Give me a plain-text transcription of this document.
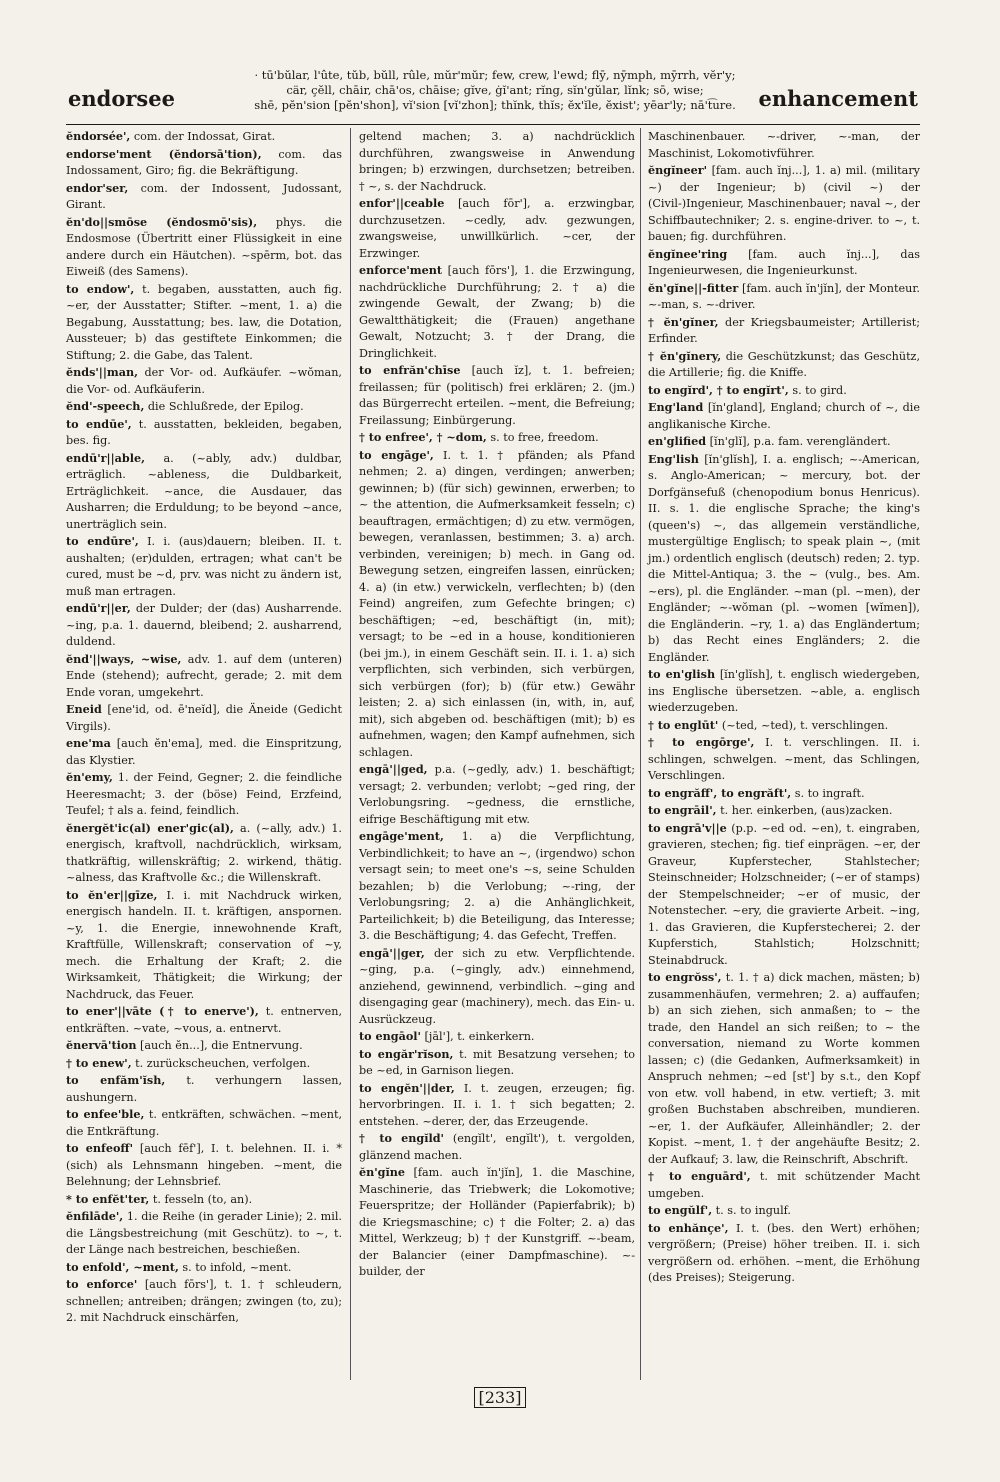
endorsee
· tū'bŭlar, l'ûte, tŭb, bŭll, rûle, mŭr'mŭr; few, crew, l'ewd; flȳ, nȳmph, mȳrrh, vĕr'y;
cär, çĕll, chāir, chā'os, chāise; gĭve, ġĭ'ant; rĭng, sĭn'gŭlar, lĭnk; sō, wise;
shē, pĕn'sion [pĕn'shon], vĭ'sion [vĭ'zhon]; thĭnk, thĭs; ĕx'ĭle, ĕxist'; yēar'ly; nā't͡ure.	enhancement

ĕndorsée', com. der Indossat, Girat.

endorse'ment (ĕndorsā'tion), com. das Indossament, Giro; fig. die Bekräftigung.

endor'ser, com. der Indossent, Judossant, Girant.

ĕn'do||smōse (ĕndosmō'sis), phys. die Endosmose (Übertritt einer Flüssigkeit in eine andere durch ein Häutchen). ~spērm, bot. das Eiweiß (des Samens).

to endow', t. begaben, ausstatten, auch fig. ~er, der Ausstatter; Stifter. ~ment, 1. a) die Begabung, Ausstattung; bes. law, die Dotation, Aussteuer; b) das gestiftete Einkommen; die Stiftung; 2. die Gabe, das Talent.

ĕnds'||man, der Vor- od. Aufkäufer. ~wŏman, die Vor- od. Aufkäuferin.

ĕnd'-speech, die Schlußrede, der Epilog.

to endūe', t. ausstatten, bekleiden, begaben, bes. fig.

endū'r||able, a. (~ably, adv.) duldbar, erträglich. ~ableness, die Duldbarkeit, Erträglichkeit. ~ance, die Ausdauer, das Ausharren; die Erduldung; to be beyond ~ance, unerträglich sein.

to endūre', I. i. (aus)dauern; bleiben. II. t. aushalten; (er)dulden, ertragen; what can't be cured, must be ~d, prv. was nicht zu ändern ist, muß man ertragen.

endū'r||er, der Dulder; der (das) Ausharrende. ~ing, p.a. 1. dauernd, bleibend; 2. ausharrend, duldend.

ĕnd'||ways, ~wise, adv. 1. auf dem (unteren) Ende (stehend); aufrecht, gerade; 2. mit dem Ende voran, umgekehrt.

Eneid [ene'id, od. ē'neĭd], die Äneide (Gedicht Virgils).

ene'ma [auch ĕn'ema], med. die Einspritzung, das Klystier.

ĕn'emy, 1. der Feind, Gegner; 2. die feindliche Heeresmacht; 3. der (böse) Feind, Erzfeind, Teufel; † als a. feind, feindlich.

ĕnergĕt'ic(al) ener'gic(al), a. (~ally, adv.) 1. energisch, kraftvoll, nachdrücklich, wirksam, thatkräftig, willenskräftig; 2. wirkend, thätig. ~alness, das Kraftvolle &c.; die Willenskraft.

to ĕn'er||gīze, I. i. mit Nachdruck wirken, energisch handeln. II. t. kräftigen, anspornen. ~y, 1. die Energie, innewohnende Kraft, Kraftfülle, Willenskraft; conservation of ~y, mech. die Erhaltung der Kraft; 2. die Wirksamkeit, Thätigkeit; die Wirkung; der Nachdruck, das Feuer.

to ener'||vāte († to enerve'), t. entnerven, entkräften. ~vate, ~vous, a. entnervt.

ĕnervā'tion [auch ĕn...], die Entnervung.

† to enew', t. zurückscheuchen, verfolgen.

to enfăm'ĭsh, t. verhungern lassen, aushungern.

to enfee'ble, t. entkräften, schwächen. ~ment, die Entkräftung.

to enfeoff' [auch fēf'], I. t. belehnen. II. i. * (sich) als Lehnsmann hingeben. ~ment, die Belehnung; der Lehnsbrief.

* to enfĕt'ter, t. fesseln (to, an).

ĕnfilāde', 1. die Reihe (in gerader Linie); 2. mil. die Längsbestreichung (mit Geschütz). to ~, t. der Länge nach bestreichen, beschießen.

to enfold', ~ment, s. to infold, ~ment.

to enforce' [auch fōrs'], t. 1. † schleudern, schnellen; antreiben; drängen; zwingen (to, zu); 2. mit Nachdruck einschärfen,

geltend machen; 3. a) nachdrücklich durchführen, zwangsweise in Anwendung bringen; b) erzwingen, durchsetzen; betreiben. † ~, s. der Nachdruck.

enfor'||ceable [auch fōr'], a. erzwingbar, durchzusetzen. ~cedly, adv. gezwungen, zwangsweise, unwillkürlich. ~cer, der Erzwinger.

enforce'ment [auch fōrs'], 1. die Erzwingung, nachdrückliche Durchführung; 2. † a) die zwingende Gewalt, der Zwang; b) die Gewaltthätigkeit; die (Frauen) angethane Gewalt, Notzucht; 3. † der Drang, die Dringlichkeit.

to enfrăn'chīse [auch ĭz], t. 1. befreien; freilassen; für (politisch) frei erklären; 2. (jm.) das Bürgerrecht erteilen. ~ment, die Befreiung; Freilassung; Einbürgerung.

† to enfree', † ~dom, s. to free, freedom.

to engāge', I. t. 1. † pfänden; als Pfand nehmen; 2. a) dingen, verdingen; anwerben; gewinnen; b) (für sich) gewinnen, erwerben; to ~ the attention, die Aufmerksamkeit fesseln; c) beauftragen, ermächtigen; d) zu etw. vermögen, bewegen, veranlassen, bestimmen; 3. a) arch. verbinden, vereinigen; b) mech. in Gang od. Bewegung setzen, eingreifen lassen, einrücken; 4. a) (in etw.) verwickeln, verflechten; b) (den Feind) angreifen, zum Gefechte bringen; c) beschäftigen; ~ed, beschäftigt (in, mit); versagt; to be ~ed in a house, konditionieren (bei jm.), in einem Geschäft sein. II. i. 1. a) sich verpflichten, sich verbinden, sich verbürgen, sich verbürgen (for); b) (für etw.) Gewähr leisten; 2. a) sich einlassen (in, with, in, auf, mit), sich abgeben od. beschäftigen (mit); b) es aufnehmen, wagen; den Kampf aufnehmen, sich schlagen.

engā'||ged, p.a. (~gedly, adv.) 1. beschäftigt; versagt; 2. verbunden; verlobt; ~ged ring, der Verlobungsring. ~gedness, die ernstliche, eifrige Beschäftigung mit etw.

engāge'ment, 1. a) die Verpflichtung, Verbindlichkeit; to have an ~, (irgendwo) schon versagt sein; to meet one's ~s, seine Schulden bezahlen; b) die Verlobung; ~-ring, der Verlobungsring; 2. a) die Anhänglichkeit, Parteilichkeit; b) die Beteiligung, das Interesse; 3. die Beschäftigung; 4. das Gefecht, Treffen.

engā'||ger, der sich zu etw. Verpflichtende. ~ging, p.a. (~gingly, adv.) einnehmend, anziehend, gewinnend, verbindlich. ~ging and disengaging gear (machinery), mech. das Ein- u. Ausrückzeug.

to engāol' [jāl'], t. einkerkern.

to engăr'rĭson, t. mit Besatzung versehen; to be ~ed, in Garnison liegen.

to engĕn'||der, I. t. zeugen, erzeugen; fig. hervorbringen. II. i. 1. † sich begatten; 2. entstehen. ~derer, der, das Erzeugende.

† to engĭld' (engĭlt', engĭlt'), t. vergolden, glänzend machen.

ĕn'gĭne [fam. auch ĭn'jĭn], 1. die Maschine, Maschinerie, das Triebwerk; die Lokomotive; Feuerspritze; der Holländer (Papierfabrik); b) die Kriegsmaschine; c) † die Folter; 2. a) das Mittel, Werkzeug; b) † der Kunstgriff. ~-beam, der Balancier (einer Dampfmaschine). ~-builder, der

Maschinenbauer. ~-driver, ~-man, der Maschinist, Lokomotivführer.

ĕngĭneer' [fam. auch ĭnj...], 1. a) mil. (military ~) der Ingenieur; b) (civil ~) der (Civil-)Ingenieur, Maschinenbauer; naval ~, der Schiffbautechniker; 2. s. engine-driver. to ~, t. bauen; fig. durchführen.

ĕngĭnee'ring [fam. auch ĭnj...], das Ingenieurwesen, die Ingenieurkunst.

ĕn'gĭne||-fitter [fam. auch ĭn'jĭn], der Monteur. ~-man, s. ~-driver.

† ĕn'gĭner, der Kriegsbaumeister; Artillerist; Erfinder.

† ĕn'gĭnery, die Geschützkunst; das Geschütz, die Artillerie; fig. die Kniffe.

to engĭrd', † to engĭrt', s. to gird.

Eng'land [ĭn'gland], England; church of ~, die anglikanische Kirche.

en'glified [ĭn'glĭ], p.a. fam. verengländert.

Eng'lish [ĭn'glĭsh], I. a. englisch; ~-American, s. Anglo-American; ~ mercury, bot. der Dorfgänsefuß (chenopodium bonus Henricus). II. s. 1. die englische Sprache; the king's (queen's) ~, das allgemein verständliche, mustergültige Englisch; to speak plain ~, (mit jm.) ordentlich englisch (deutsch) reden; 2. typ. die Mittel-Antiqua; 3. the ~ (vulg., bes. Am. ~ers), pl. die Engländer. ~man (pl. ~men), der Engländer; ~-wŏman (pl. ~women [wĭmen]), die Engländerin. ~ry, 1. a) das Engländertum; b) das Recht eines Engländers; 2. die Engländer.

to en'glish [ĭn'glĭsh], t. englisch wiedergeben, ins Englische übersetzen. ~able, a. englisch wiederzugeben.

† to englūt' (~ted, ~ted), t. verschlingen.

† to engōrge', I. t. verschlingen. II. i. schlingen, schwelgen. ~ment, das Schlingen, Verschlingen.

to engrăff', to engrăft', s. to ingraft.

to engrāil', t. her. einkerben, (aus)zacken.

to engrā'v||e (p.p. ~ed od. ~en), t. eingraben, gravieren, stechen; fig. tief einprägen. ~er, der Graveur, Kupferstecher, Stahlstecher; Steinschneider; Holzschneider; (~er of stamps) der Stempelschneider; ~er of music, der Notenstecher. ~ery, die gravierte Arbeit. ~ing, 1. das Gravieren, die Kupferstecherei; 2. der Kupferstich, Stahlstich; Holzschnitt; Steinabdruck.

to engrŏss', t. 1. † a) dick machen, mästen; b) zusammenhäufen, vermehren; 2. a) auffaufen; b) an sich ziehen, sich anmaßen; to ~ the trade, den Handel an sich reißen; to ~ the conversation, niemand zu Worte kommen lassen; c) (die Gedanken, Aufmerksamkeit) in Anspruch nehmen; ~ed [st'] by s.t., den Kopf von etw. voll habend, in etw. vertieft; 3. mit großen Buchstaben abschreiben, mundieren. ~er, 1. der Aufkäufer, Alleinhändler; 2. der Kopist. ~ment, 1. † der angehäufte Besitz; 2. der Aufkauf; 3. law, die Reinschrift, Abschrift.

† to enguārd', t. mit schützender Macht umgeben.

to engŭlf', t. s. to ingulf.

to enhănçe', I. t. (bes. den Wert) erhöhen; vergrößern; (Preise) höher treiben. II. i. sich vergrößern od. erhöhen. ~ment, die Erhöhung (des Preises); Steigerung.

[233]
